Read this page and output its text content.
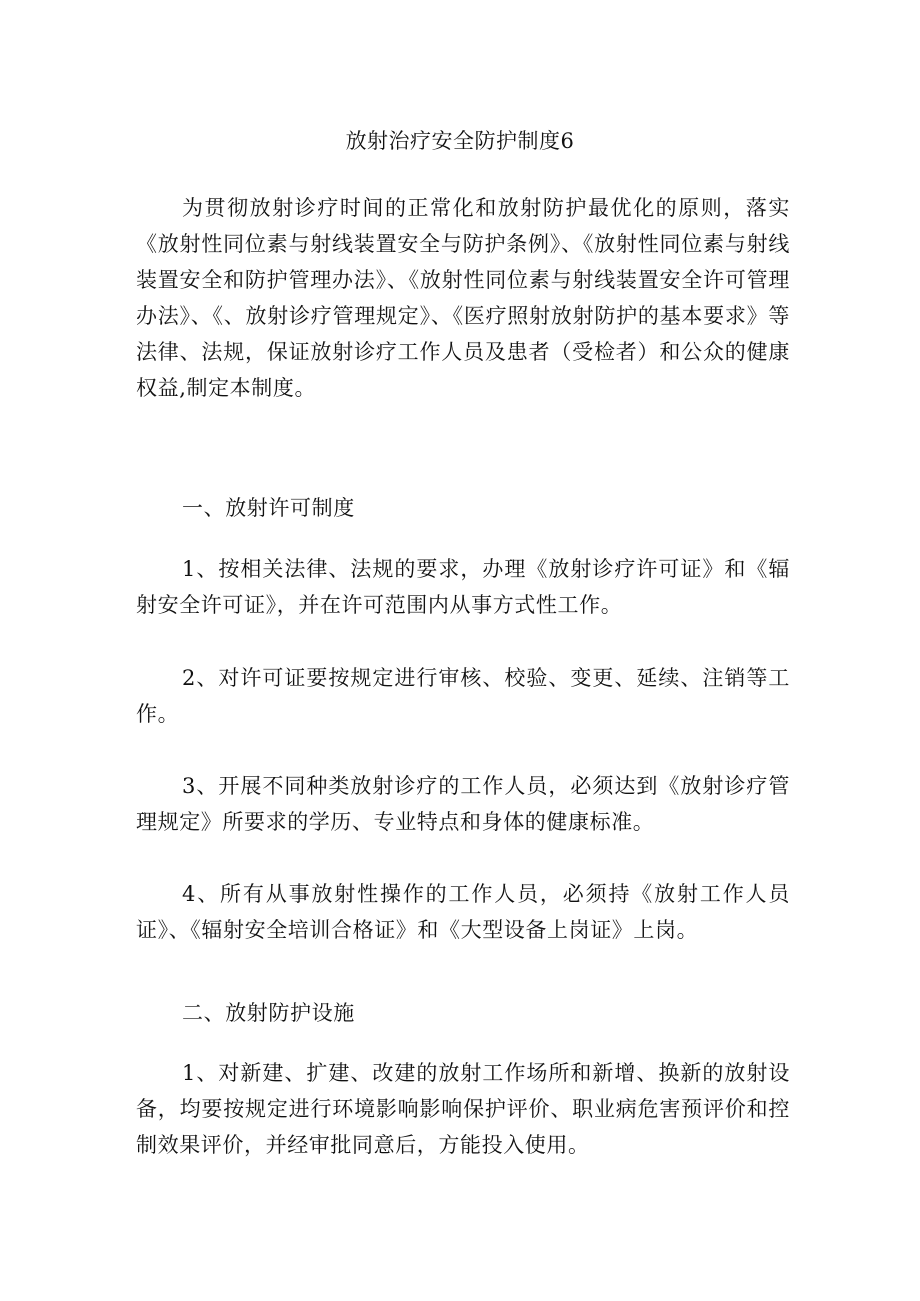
放射治疗安全防护制度6

为贯彻放射诊疗时间的正常化和放射防护最优化的原则，落实《放射性同位素与射线装置安全与防护条例》、《放射性同位素与射线装置安全和防护管理办法》、《放射性同位素与射线装置安全许可管理办法》、《、放射诊疗管理规定》、《医疗照射放射防护的基本要求》等法律、法规，保证放射诊疗工作人员及患者（受检者）和公众的健康权益,制定本制度。

一、放射许可制度

1、按相关法律、法规的要求，办理《放射诊疗许可证》和《辐射安全许可证》，并在许可范围内从事方式性工作。

2、对许可证要按规定进行审核、校验、变更、延续、注销等工作。

3、开展不同种类放射诊疗的工作人员，必须达到《放射诊疗管理规定》所要求的学历、专业特点和身体的健康标准。

4、所有从事放射性操作的工作人员，必须持《放射工作人员证》、《辐射安全培训合格证》和《大型设备上岗证》上岗。

二、放射防护设施

1、对新建、扩建、改建的放射工作场所和新增、换新的放射设备，均要按规定进行环境影响影响保护评价、职业病危害预评价和控制效果评价，并经审批同意后，方能投入使用。
